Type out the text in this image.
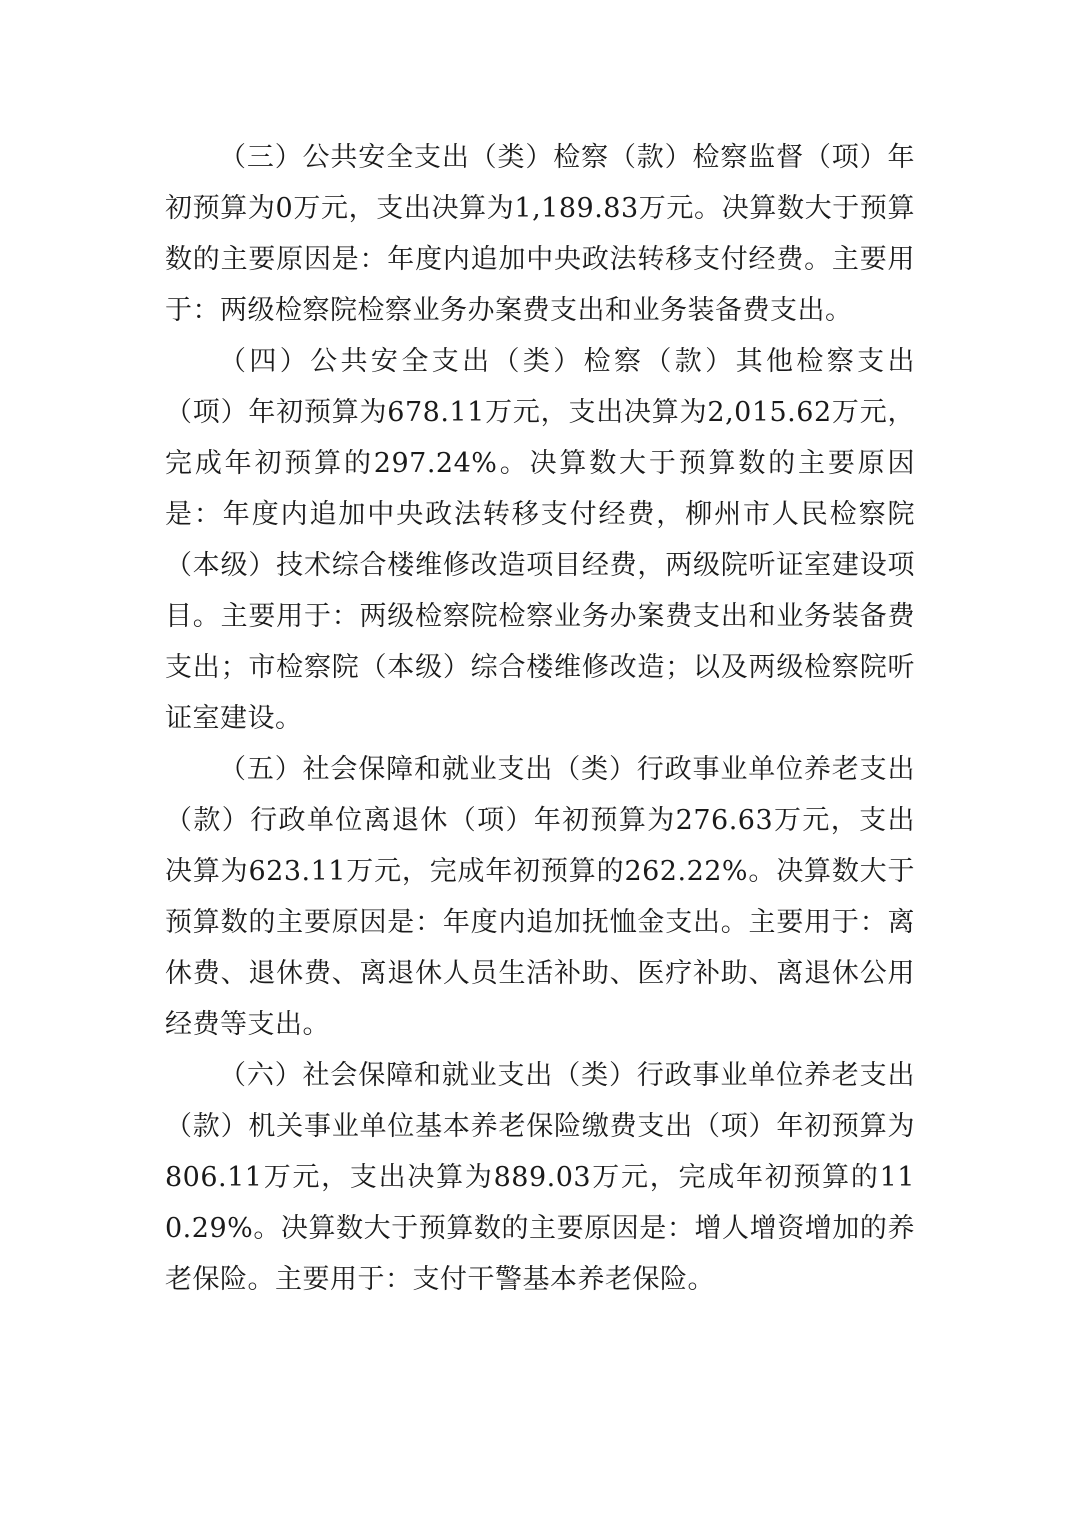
（三）公共安全支出（类）检察（款）检察监督（项）年初预算为0万元，支出决算为1,189.83万元。决算数大于预算数的主要原因是：年度内追加中央政法转移支付经费。主要用于：两级检察院检察业务办案费支出和业务装备费支出。

（四）公共安全支出（类）检察（款）其他检察支出（项）年初预算为678.11万元，支出决算为2,015.62万元，完成年初预算的297.24%。决算数大于预算数的主要原因是：年度内追加中央政法转移支付经费，柳州市人民检察院（本级）技术综合楼维修改造项目经费，两级院听证室建设项目。主要用于：两级检察院检察业务办案费支出和业务装备费支出；市检察院（本级）综合楼维修改造；以及两级检察院听证室建设。

（五）社会保障和就业支出（类）行政事业单位养老支出（款）行政单位离退休（项）年初预算为276.63万元，支出决算为623.11万元，完成年初预算的262.22%。决算数大于预算数的主要原因是：年度内追加抚恤金支出。主要用于：离休费、退休费、离退休人员生活补助、医疗补助、离退休公用经费等支出。

（六）社会保障和就业支出（类）行政事业单位养老支出（款）机关事业单位基本养老保险缴费支出（项）年初预算为806.11万元，支出决算为889.03万元，完成年初预算的110.29%。决算数大于预算数的主要原因是：增人增资增加的养老保险。主要用于：支付干警基本养老保险。
